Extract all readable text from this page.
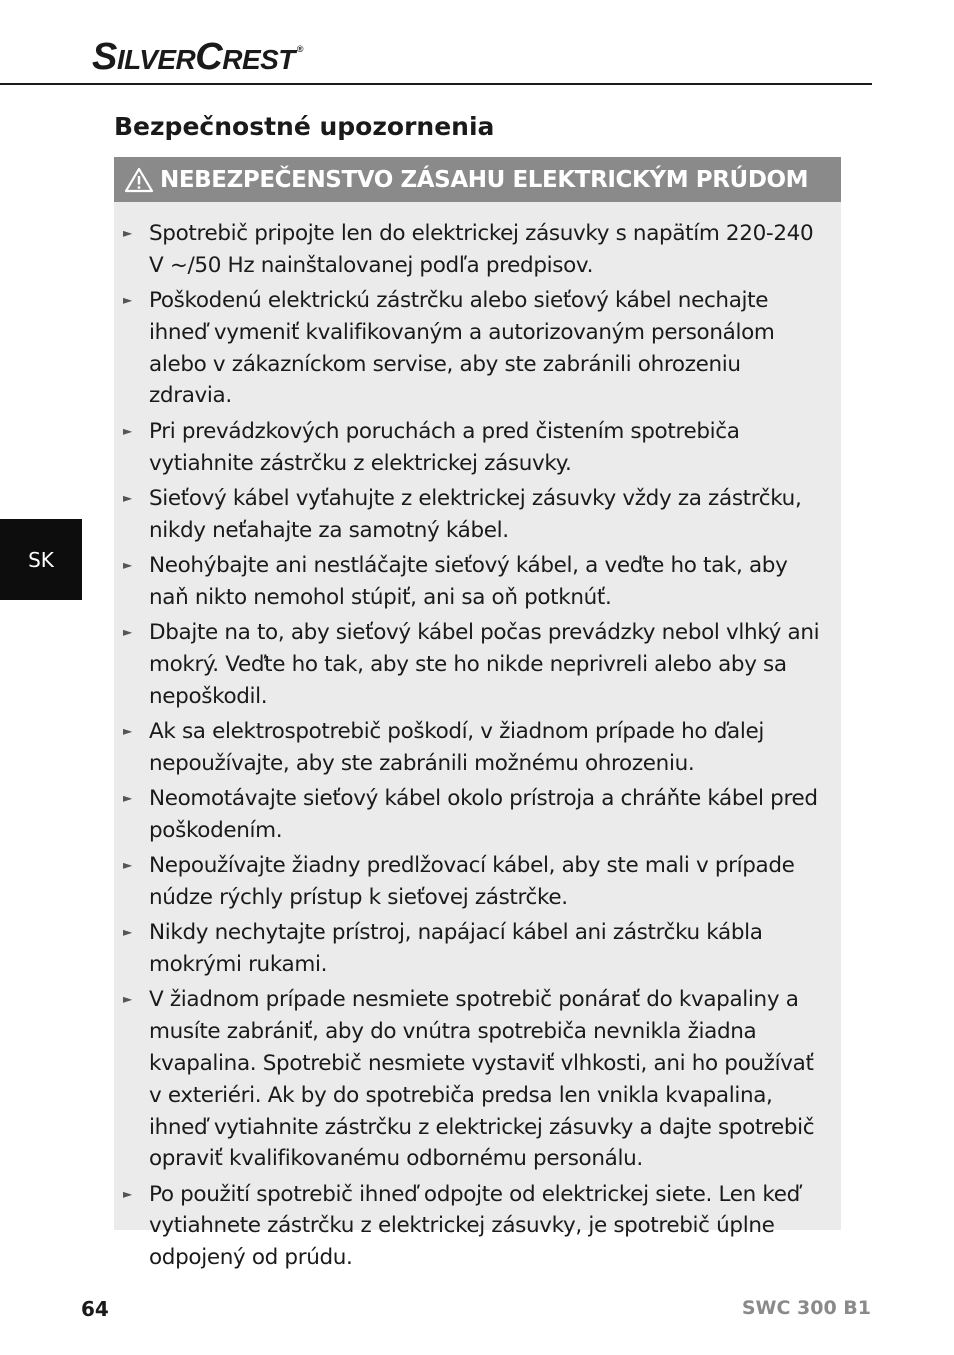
SILVERCREST ®
Bezpečnostné upozornenia
NEBEZPEČENSTVO ZÁSAHU ELEKTRICKÝM PRÚDOM
► Spotrebič pripojte len do elektrickej zásuvky s napätím 220-240 V ~/50 Hz nainštalovanej podľa predpisov.
► Poškodenú elektrickú zástrčku alebo sieťový kábel nechajte ihneď vymeniť kvalifikovaným a autorizovaným personálom alebo v zákazníckom servise, aby ste zabránili ohrozeniu zdravia.
► Pri prevádzkových poruchách a pred čistením spotrebiča vytiahnite zástrčku z elektrickej zásuvky.
► Sieťový kábel vyťahujte z elektrickej zásuvky vždy za zástrčku, nikdy neťahajte za samotný kábel.
► Neohýbajte ani nestláčajte sieťový kábel, a veďte ho tak, aby naň nikto nemohol stúpiť, ani sa oň potknúť.
► Dbajte na to, aby sieťový kábel počas prevádzky nebol vlhký ani mokrý. Veďte ho tak, aby ste ho nikde neprivreli alebo aby sa nepoškodil.
► Ak sa elektrospotrebič poškodí, v žiadnom prípade ho ďalej nepoužívajte, aby ste zabránili možnému ohrozeniu.
► Neomotávajte sieťový kábel okolo prístroja a chráňte kábel pred poškodením.
► Nepoužívajte žiadny predlžovací kábel, aby ste mali v prípade núdze rýchly prístup k sieťovej zástrčke.
► Nikdy nechytajte prístroj, napájací kábel ani zástrčku kábla mokrými rukami.
► V žiadnom prípade nesmiete spotrebič ponárať do kvapaliny a musíte zabrániť, aby do vnútra spotrebiča nevnikla žiadna kvapalina. Spotrebič nesmiete vystaviť vlhkosti, ani ho používať v exteriéri. Ak by do spotrebiča predsa len vnikla kvapalina, ihneď vytiahnite zástrčku z elektrickej zásuvky a dajte spotrebič opraviť kvalifikovanému odbornému personálu.
► Po použití spotrebič ihneď odpojte od elektrickej siete. Len keď vytiahnete zástrčku z elektrickej zásuvky, je spotrebič úplne odpojený od prúdu.
SK
64	SWC 300 B1
